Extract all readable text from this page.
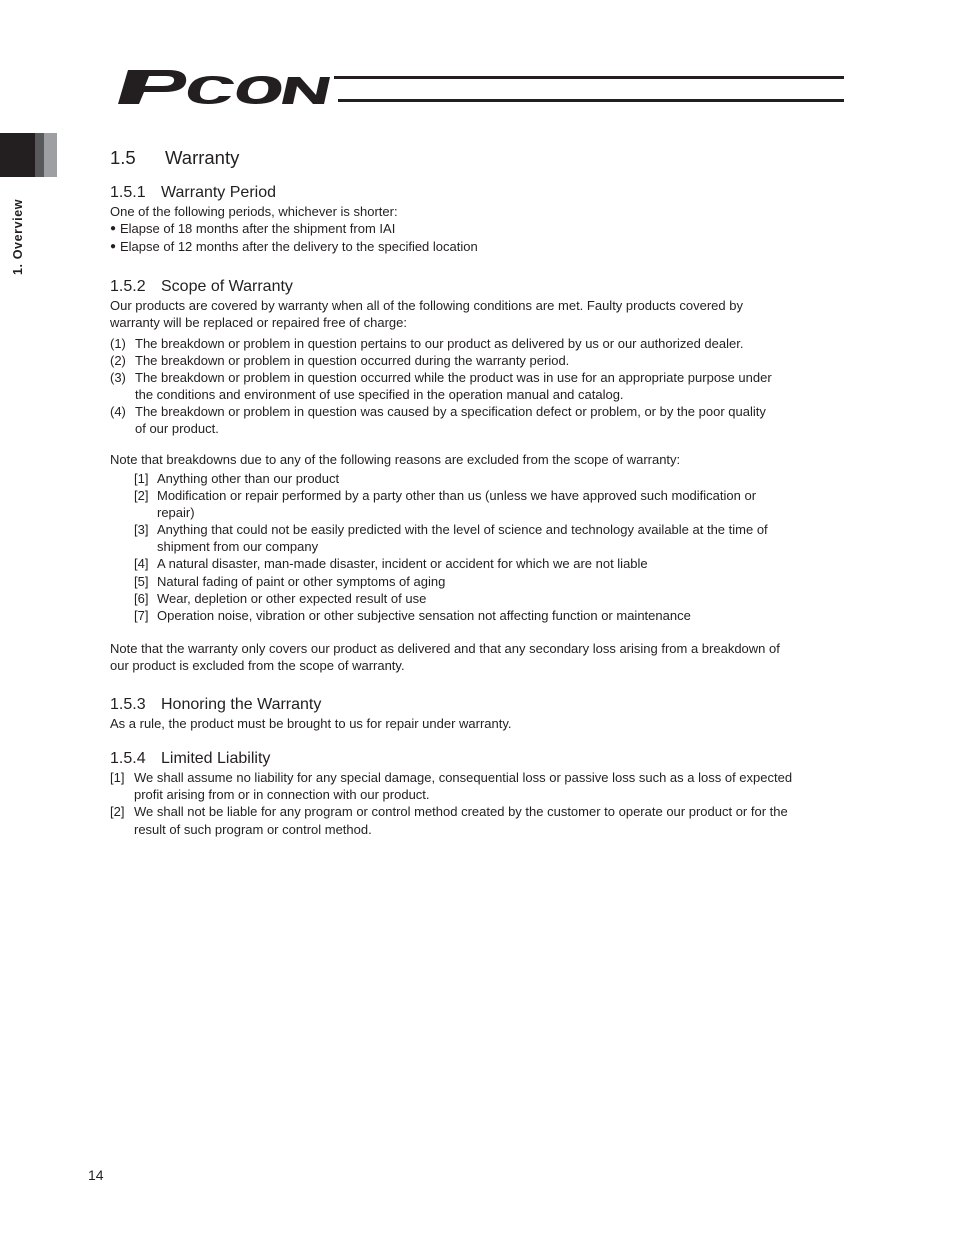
1. Overview
1.5 Warranty
1.5.1 Warranty Period
One of the following periods, whichever is shorter:
● Elapse of 18 months after the shipment from IAI
● Elapse of 12 months after the delivery to the specified location
1.5.2 Scope of Warranty
Our products are covered by warranty when all of the following conditions are met. Faulty products covered by
warranty will be replaced or repaired free of charge:
(1) The breakdown or problem in question pertains to our product as delivered by us or our authorized dealer.
(2) The breakdown or problem in question occurred during the warranty period.
(3) The breakdown or problem in question occurred while the product was in use for an appropriate purpose under
the conditions and environment of use specified in the operation manual and catalog.
(4) The breakdown or problem in question was caused by a specification defect or problem, or by the poor quality
of our product.
Note that breakdowns due to any of the following reasons are excluded from the scope of warranty:
[1] Anything other than our product
[2] Modification or repair performed by a party other than us (unless we have approved such modification or
repair)
[3] Anything that could not be easily predicted with the level of science and technology available at the time of
shipment from our company
[4] A natural disaster, man-made disaster, incident or accident for which we are not liable
[5] Natural fading of paint or other symptoms of aging
[6] Wear, depletion or other expected result of use
[7] Operation noise, vibration or other subjective sensation not affecting function or maintenance
Note that the warranty only covers our product as delivered and that any secondary loss arising from a breakdown of
our product is excluded from the scope of warranty.
1.5.3 Honoring the Warranty
As a rule, the product must be brought to us for repair under warranty.
1.5.4 Limited Liability
[1] We shall assume no liability for any special damage, consequential loss or passive loss such as a loss of expected
profit arising from or in connection with our product.
[2] We shall not be liable for any program or control method created by the customer to operate our product or for the
result of such program or control method.
14
